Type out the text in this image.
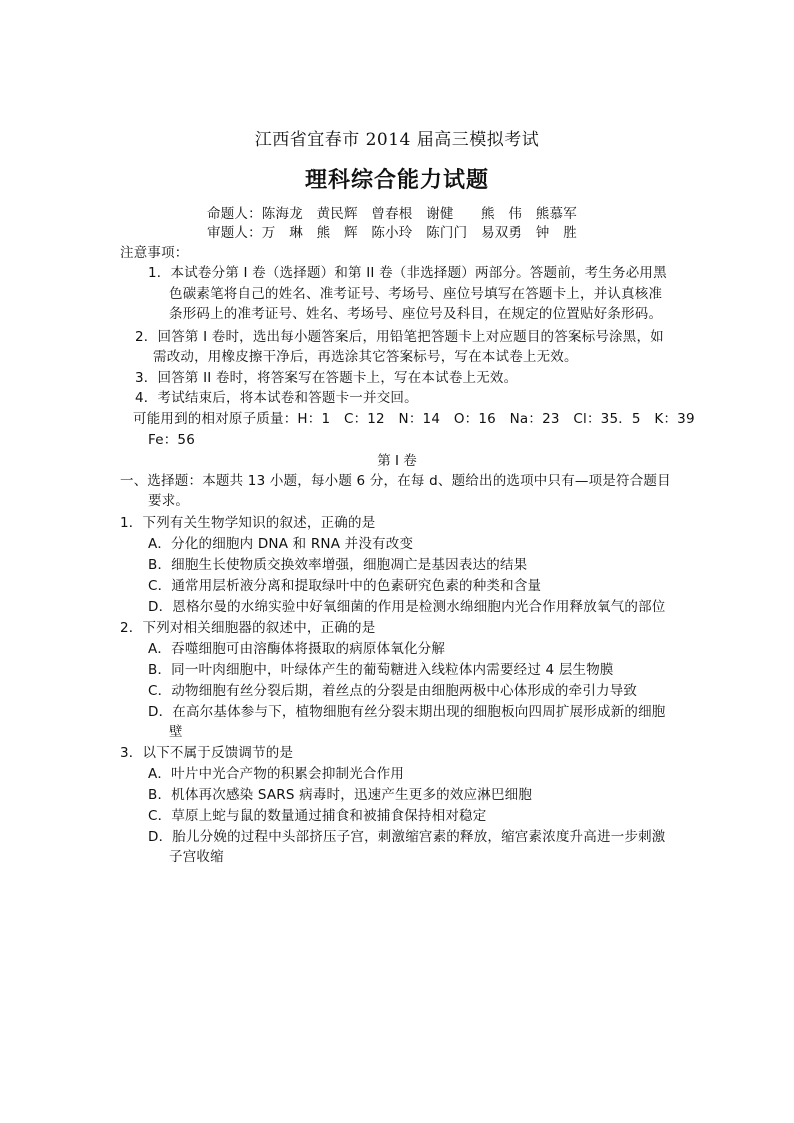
江西省宜春市 2014 届高三模拟考试
理科综合能力试题
命题人：陈海龙　黄民辉　曾春根　谢健　　熊　伟　熊慕军
审题人：万　琳　熊　辉　陈小玲　陈门门　易双勇　钟　胜
注意事项：
1．本试卷分第 I 卷（选择题）和第 II 卷（非选择题）两部分。答题前，考生务必用黑
色碳素笔将自己的姓名、准考证号、考场号、座位号填写在答题卡上，并认真核准
条形码上的准考证号、姓名、考场号、座位号及科目，在规定的位置贴好条形码。
2．回答第 I 卷时，选出每小题答案后，用铅笔把答题卡上对应题目的答案标号涂黑，如
需改动，用橡皮擦干净后，再选涂其它答案标号，写在本试卷上无效。
3．回答第 II 卷时，将答案写在答题卡上，写在本试卷上无效。
4．考试结束后，将本试卷和答题卡一并交回。
可能用到的相对原子质量：H：1　C：12　N：14　O：16　Na：23　Cl：35．5　K：39
Fe：56
第 I 卷
一、选择题：本题共 13 小题，每小题 6 分，在每 d、题给出的选项中只有—项是符合题目
要求。
1．下列有关生物学知识的叙述，正确的是
A．分化的细胞内 DNA 和 RNA 并没有改变
B．细胞生长使物质交换效率增强，细胞凋亡是基因表达的结果
C．通常用层析液分离和提取绿叶中的色素研究色素的种类和含量
D．恩格尔曼的水绵实验中好氧细菌的作用是检测水绵细胞内光合作用释放氧气的部位
2．下列对相关细胞器的叙述中，正确的是
A．吞噬细胞可由溶酶体将摄取的病原体氧化分解
B．同一叶肉细胞中，叶绿体产生的葡萄糖进入线粒体内需要经过 4 层生物膜
C．动物细胞有丝分裂后期，着丝点的分裂是由细胞两极中心体形成的牵引力导致
D．在高尔基体参与下，植物细胞有丝分裂末期出现的细胞板向四周扩展形成新的细胞
壁
3．以下不属于反馈调节的是
A．叶片中光合产物的积累会抑制光合作用
B．机体再次感染 SARS 病毒时，迅速产生更多的效应淋巴细胞
C．草原上蛇与鼠的数量通过捕食和被捕食保持相对稳定
D．胎儿分娩的过程中头部挤压子宫，刺激缩宫素的释放，缩宫素浓度升高进一步刺激
子宫收缩
